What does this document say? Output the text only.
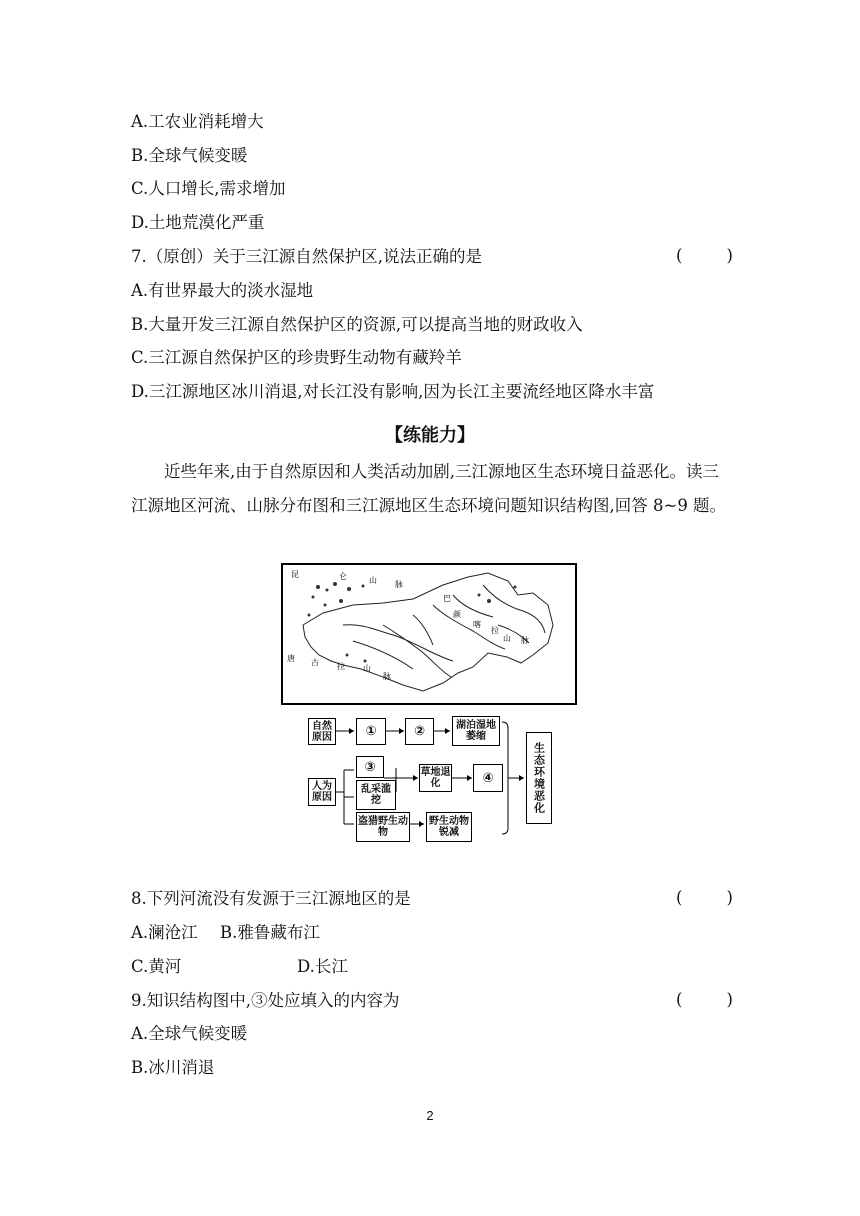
A.工农业消耗增大
B.全球气候变暖
C.人口增长,需求增加
D.土地荒漠化严重
7.（原创）关于三江源自然保护区,说法正确的是	(	)
A.有世界最大的淡水湿地
B.大量开发三江源自然保护区的资源,可以提高当地的财政收入
C.三江源自然保护区的珍贵野生动物有藏羚羊
D.三江源地区冰川消退,对长江没有影响,因为长江主要流经地区降水丰富
【练能力】
近些年来,由于自然原因和人类活动加剧,三江源地区生态环境日益恶化。读三江源地区河流、山脉分布图和三江源地区生态环境问题知识结构图,回答 8~9 题。
昆	仑	山 脉
唐 古 拉 山
脉
巴
颜
喀
拉
山 脉
自然原因	①	②	湖泊湿地萎缩
人为原因
③
乱采滥挖
草地退化	④
盗猎野生动物
野生动物锐减
生态环境恶化
8.下列河流没有发源于三江源地区的是	(	)
A.澜沧江 B.雅鲁藏布江
C.黄河	D.长江
9.知识结构图中,③处应填入的内容为	(	)
A.全球气候变暖
B.冰川消退
2
